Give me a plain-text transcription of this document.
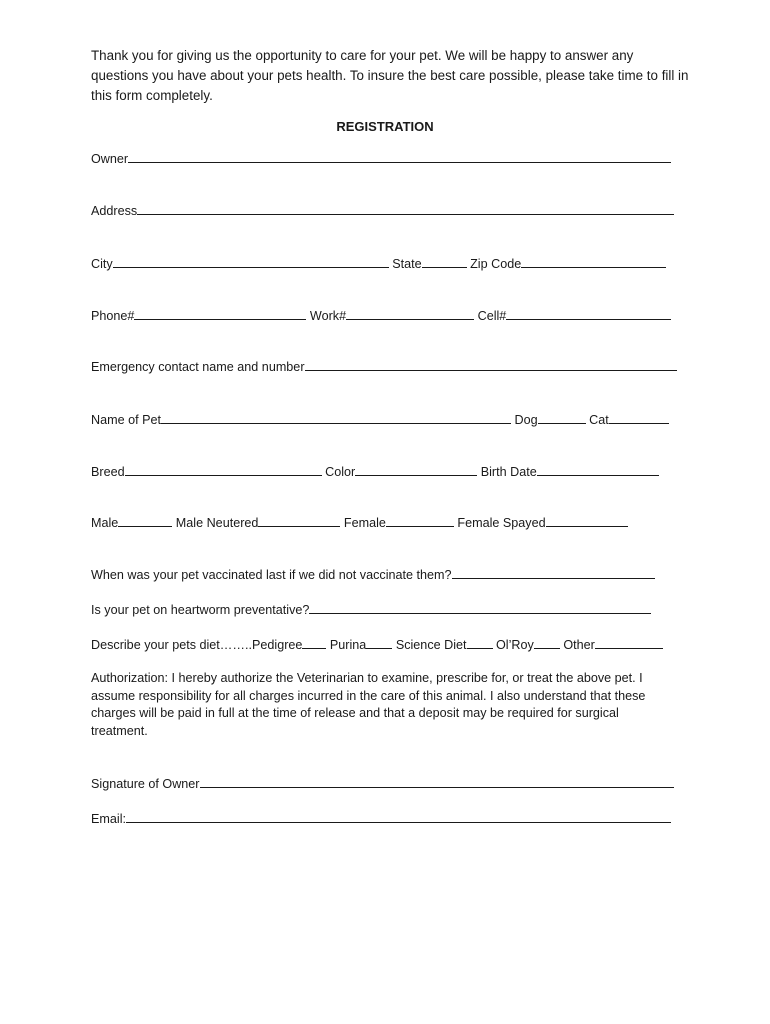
Thank you for giving us the opportunity to care for your pet. We will be happy to answer any questions you have about your pets health. To insure the best care possible, please take time to fill in this form completely.

REGISTRATION

Owner
Address
City	State	Zip Code
Phone#	Work#	Cell#
Emergency contact name and number
Name of Pet	Dog	Cat
Breed	Color	Birth Date
Male	Male Neutered	Female	Female Spayed
When was your pet vaccinated last if we did not vaccinate them?
Is your pet on heartworm preventative?
Describe your pets diet……..Pedigree Purina Science Diet Ol’Roy Other

Authorization: I hereby authorize the Veterinarian to examine, prescribe for, or treat the above pet. I assume responsibility for all charges incurred in the care of this animal. I also understand that these charges will be paid in full at the time of release and that a deposit may be required for surgical treatment.

Signature of Owner
Email:
